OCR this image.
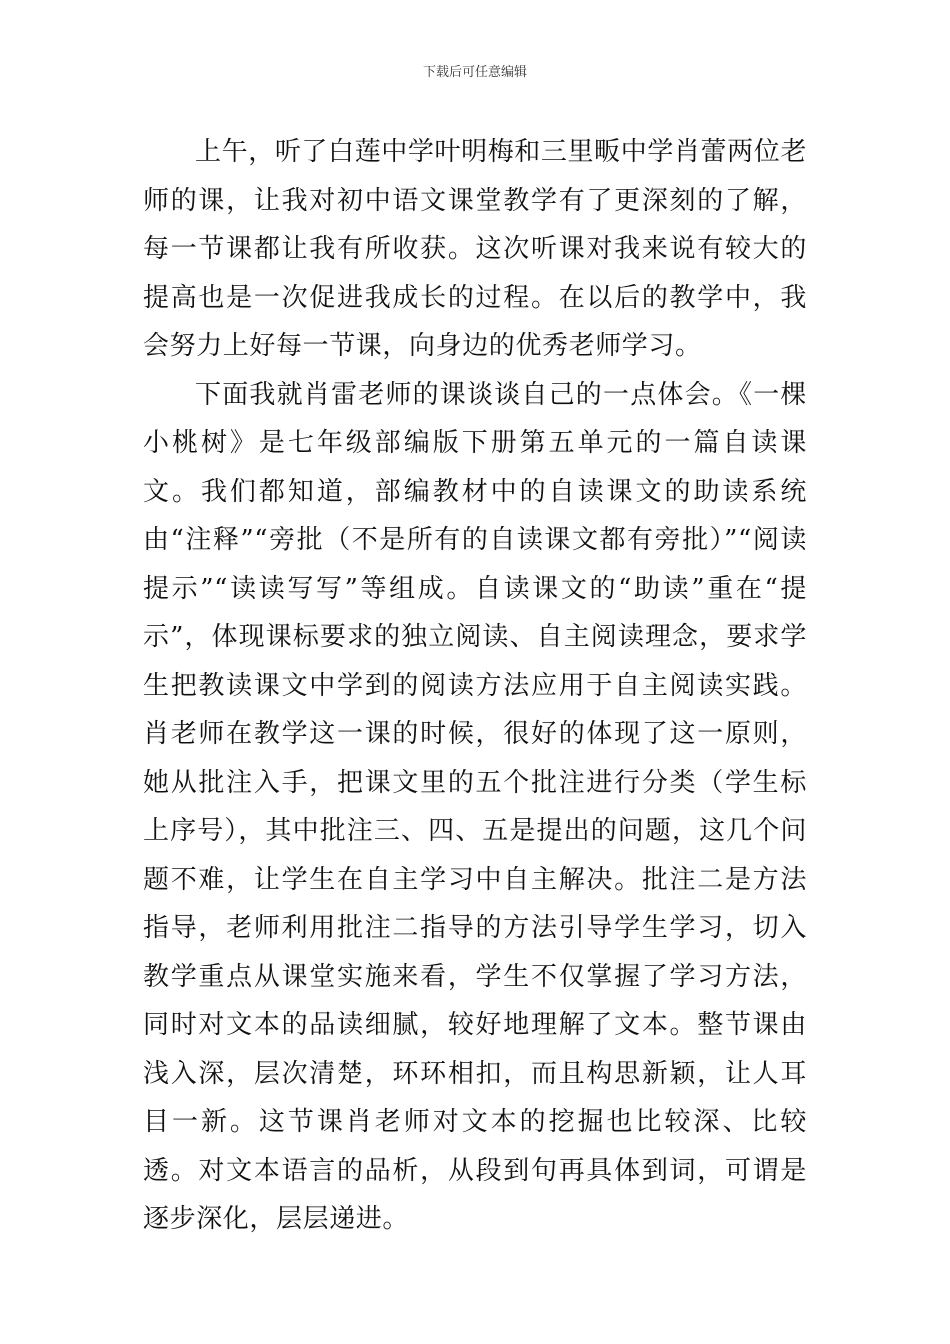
下载后可任意编辑

上午，听了白莲中学叶明梅和三里畈中学肖蕾两位老师的课，让我对初中语文课堂教学有了更深刻的了解，每一节课都让我有所收获。这次听课对我来说有较大的提高也是一次促进我成长的过程。在以后的教学中，我会努力上好每一节课，向身边的优秀老师学习。

下面我就肖雷老师的课谈谈自己的一点体会。《一棵小桃树》是七年级部编版下册第五单元的一篇自读课文。我们都知道，部编教材中的自读课文的助读系统由“注释”“旁批（不是所有的自读课文都有旁批）”“阅读提示”“读读写写”等组成。自读课文的“助读”重在“提示”，体现课标要求的独立阅读、自主阅读理念，要求学生把教读课文中学到的阅读方法应用于自主阅读实践。肖老师在教学这一课的时候，很好的体现了这一原则，她从批注入手，把课文里的五个批注进行分类（学生标上序号），其中批注三、四、五是提出的问题，这几个问题不难，让学生在自主学习中自主解决。批注二是方法指导，老师利用批注二指导的方法引导学生学习，切入教学重点从课堂实施来看，学生不仅掌握了学习方法，同时对文本的品读细腻，较好地理解了文本。整节课由浅入深，层次清楚，环环相扣，而且构思新颖，让人耳目一新。这节课肖老师对文本的挖掘也比较深、比较透。对文本语言的品析，从段到句再具体到词，可谓是逐步深化，层层递进。
